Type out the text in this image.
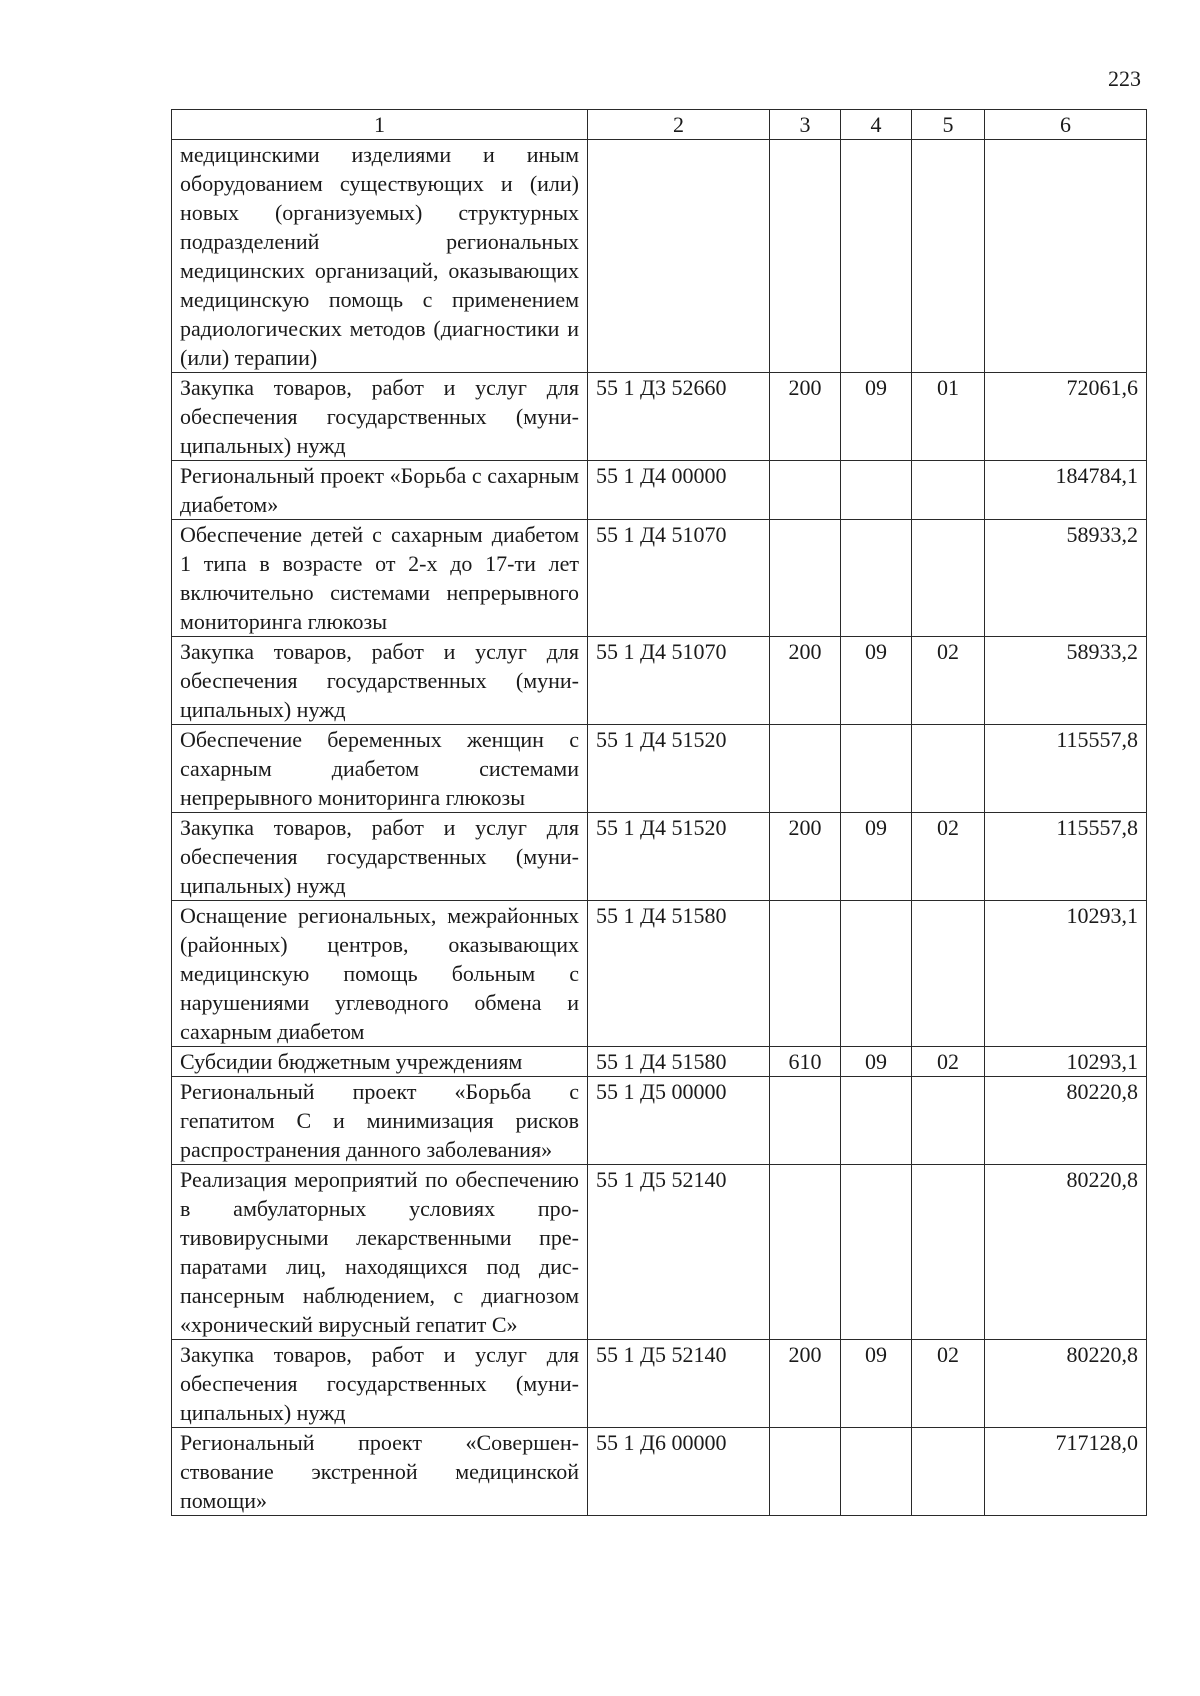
223
1	2	3	4	5	6
медицинскими изделиями и иным оборудованием существующих и (или) новых (организуемых) структурных подразделений региональных медицинских организаций, оказывающих медицинскую помощь с применением радиологических методов (диагностики и (или) терапии)					
Закупка товаров, работ и услуг для обеспечения государственных (муниципальных) нужд	55 1 Д3 52660	200	09	01	72061,6
Региональный проект «Борьба с сахарным диабетом»	55 1 Д4 00000				184784,1
Обеспечение детей с сахарным диабетом 1 типа в возрасте от 2-х до 17-ти лет включительно системами непрерывного мониторинга глюкозы	55 1 Д4 51070				58933,2
Закупка товаров, работ и услуг для обеспечения государственных (муниципальных) нужд	55 1 Д4 51070	200	09	02	58933,2
Обеспечение беременных женщин с сахарным диабетом системами непрерывного мониторинга глюкозы	55 1 Д4 51520				115557,8
Закупка товаров, работ и услуг для обеспечения государственных (муниципальных) нужд	55 1 Д4 51520	200	09	02	115557,8
Оснащение региональных, межрайонных (районных) центров, оказывающих медицинскую помощь больным с нарушениями углеводного обмена и сахарным диабетом	55 1 Д4 51580				10293,1
Субсидии бюджетным учреждениям	55 1 Д4 51580	610	09	02	10293,1
Региональный проект «Борьба с гепатитом С и минимизация рисков распространения данного заболевания»	55 1 Д5 00000				80220,8
Реализация мероприятий по обеспечению в амбулаторных условиях противовирусными лекарственными препаратами лиц, находящихся под диспансерным наблюдением, с диагнозом «хронический вирусный гепатит С»	55 1 Д5 52140				80220,8
Закупка товаров, работ и услуг для обеспечения государственных (муниципальных) нужд	55 1 Д5 52140	200	09	02	80220,8
Региональный проект «Совершенствование экстренной медицинской помощи»	55 1 Д6 00000				717128,0
